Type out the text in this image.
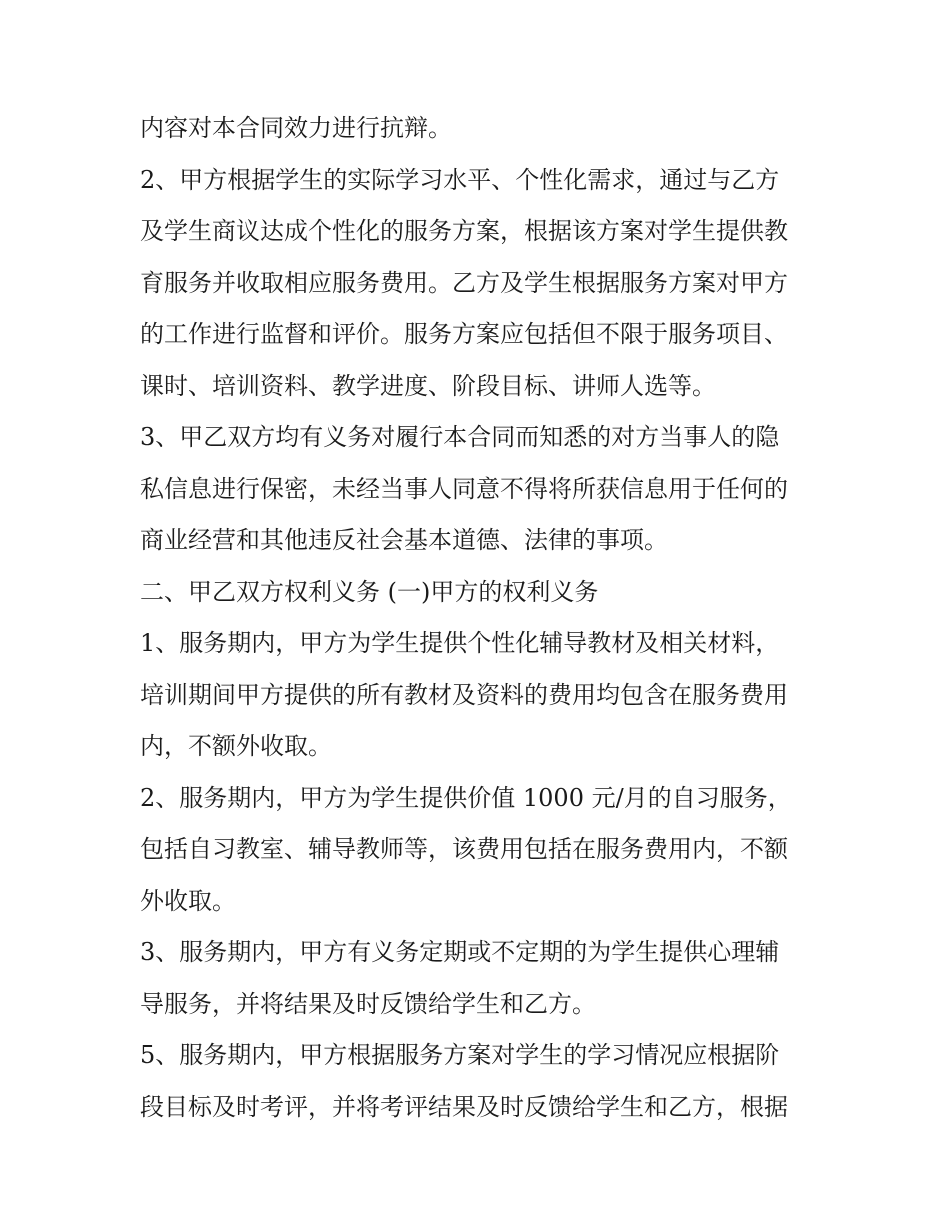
内容对本合同效力进行抗辩。
2、甲方根据学生的实际学习水平、个性化需求，通过与乙方
及学生商议达成个性化的服务方案，根据该方案对学生提供教
育服务并收取相应服务费用。乙方及学生根据服务方案对甲方
的工作进行监督和评价。服务方案应包括但不限于服务项目、
课时、培训资料、教学进度、阶段目标、讲师人选等。
3、甲乙双方均有义务对履行本合同而知悉的对方当事人的隐
私信息进行保密，未经当事人同意不得将所获信息用于任何的
商业经营和其他违反社会基本道德、法律的事项。
二、甲乙双方权利义务 (一)甲方的权利义务
1、服务期内，甲方为学生提供个性化辅导教材及相关材料，
培训期间甲方提供的所有教材及资料的费用均包含在服务费用
内，不额外收取。
2、服务期内，甲方为学生提供价值 1000 元/月的自习服务，
包括自习教室、辅导教师等，该费用包括在服务费用内，不额
外收取。
3、服务期内，甲方有义务定期或不定期的为学生提供心理辅
导服务，并将结果及时反馈给学生和乙方。
5、服务期内，甲方根据服务方案对学生的学习情况应根据阶
段目标及时考评，并将考评结果及时反馈给学生和乙方，根据
